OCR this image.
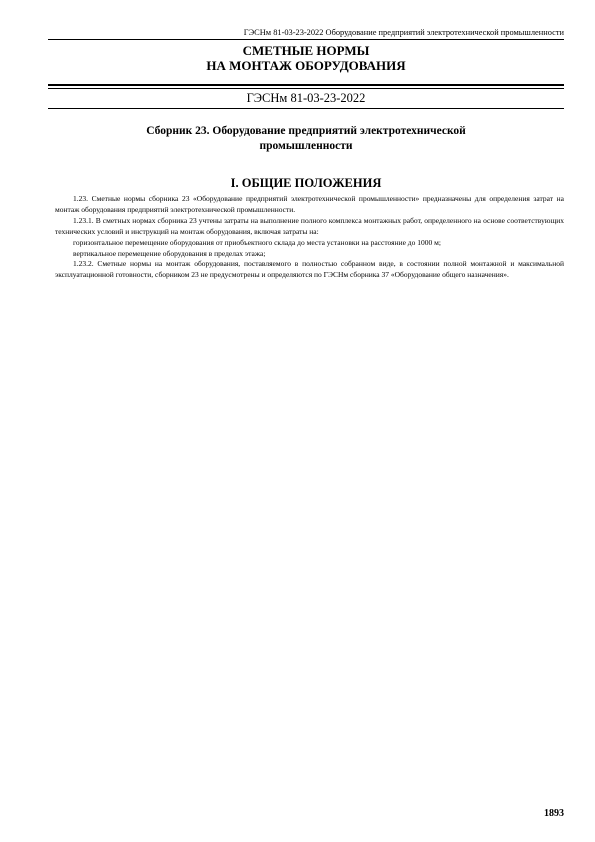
ГЭСНм 81-03-23-2022 Оборудование предприятий электротехнической промышленности
СМЕТНЫЕ НОРМЫ
НА МОНТАЖ ОБОРУДОВАНИЯ
ГЭСНм 81-03-23-2022
Сборник 23. Оборудование предприятий электротехнической
промышленности
I. ОБЩИЕ ПОЛОЖЕНИЯ

1.23. Сметные нормы сборника 23 «Оборудование предприятий электротехнической промышленности» предназначены для определения затрат на монтаж оборудования предприятий электротехнической промышленности.

1.23.1. В сметных нормах сборника 23 учтены затраты на выполнение полного комплекса монтажных работ, определенного на основе соответствующих технических условий и инструкций на монтаж оборудования, включая затраты на:

горизонтальное перемещение оборудования от приобъектного склада до места установки на расстояние до 1000 м;

вертикальное перемещение оборудования в пределах этажа;

1.23.2. Сметные нормы на монтаж оборудования, поставляемого в полностью собранном виде, в состоянии полной монтажной и максимальной эксплуатационной готовности, сборником 23 не предусмотрены и определяются по ГЭСНм сборника 37 «Оборудование общего назначения».

1893
